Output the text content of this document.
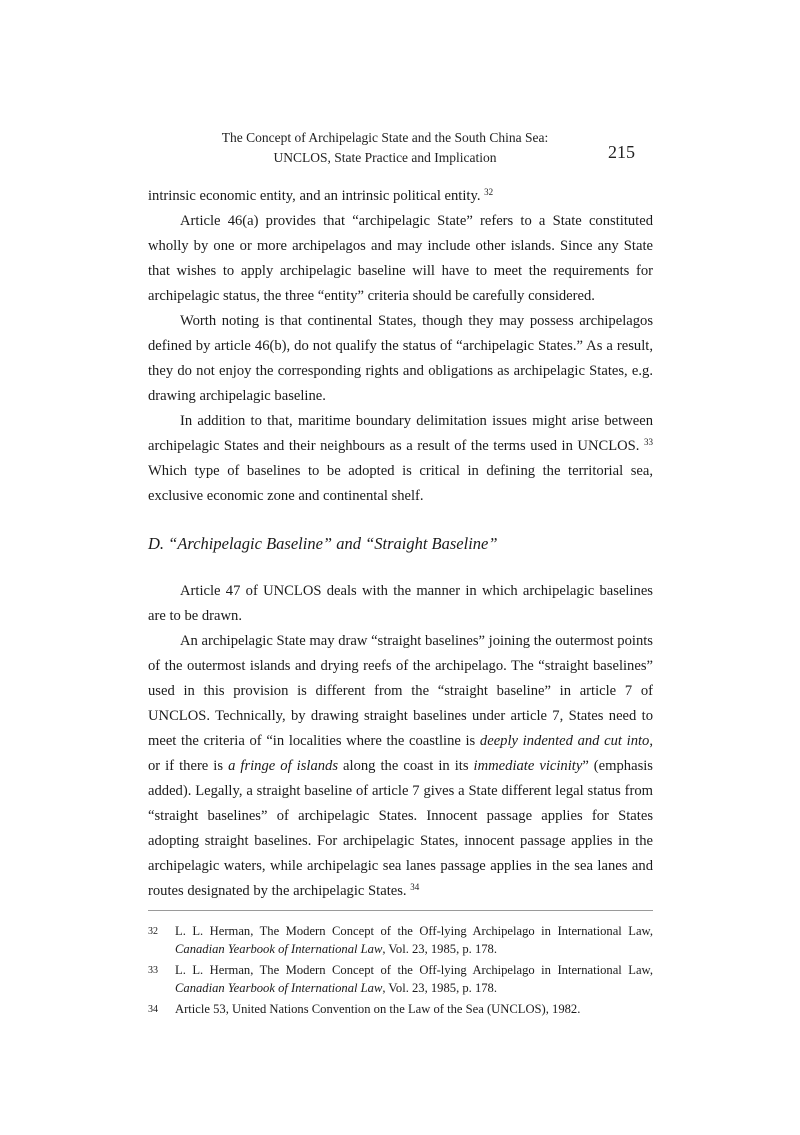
The Concept of Archipelagic State and the South China Sea:
UNCLOS, State Practice and Implication	215

intrinsic economic entity, and an intrinsic political entity. $^{32}$

Article 46(a) provides that “archipelagic State” refers to a State constituted wholly by one or more archipelagos and may include other islands. Since any State that wishes to apply archipelagic baseline will have to meet the requirements for archipelagic status, the three “entity” criteria should be carefully considered.

Worth noting is that continental States, though they may possess archipelagos defined by article 46(b), do not qualify the status of “archipelagic States.” As a result, they do not enjoy the corresponding rights and obligations as archipelagic States, e.g. drawing archipelagic baseline.

In addition to that, maritime boundary delimitation issues might arise between archipelagic States and their neighbours as a result of the terms used in UNCLOS. $^{33}$ Which type of baselines to be adopted is critical in defining the territorial sea, exclusive economic zone and continental shelf.

D. “Archipelagic Baseline” and “Straight Baseline”

Article 47 of UNCLOS deals with the manner in which archipelagic baselines are to be drawn.

An archipelagic State may draw “straight baselines” joining the outermost points of the outermost islands and drying reefs of the archipelago. The “straight baselines” used in this provision is different from the “straight baseline” in article 7 of UNCLOS. Technically, by drawing straight baselines under article 7, States need to meet the criteria of “in localities where the coastline is deeply indented and cut into, or if there is a fringe of islands along the coast in its immediate vicinity” (emphasis added). Legally, a straight baseline of article 7 gives a State different legal status from “straight baselines” of archipelagic States. Innocent passage applies for States adopting straight baselines. For archipelagic States, innocent passage applies in the archipelagic waters, while archipelagic sea lanes passage applies in the sea lanes and routes designated by the archipelagic States. $^{34}$

32	L. L. Herman, The Modern Concept of the Off-lying Archipelago in International Law, Canadian Yearbook of International Law, Vol. 23, 1985, p. 178.
33	L. L. Herman, The Modern Concept of the Off-lying Archipelago in International Law, Canadian Yearbook of International Law, Vol. 23, 1985, p. 178.
34	Article 53, United Nations Convention on the Law of the Sea (UNCLOS), 1982.
